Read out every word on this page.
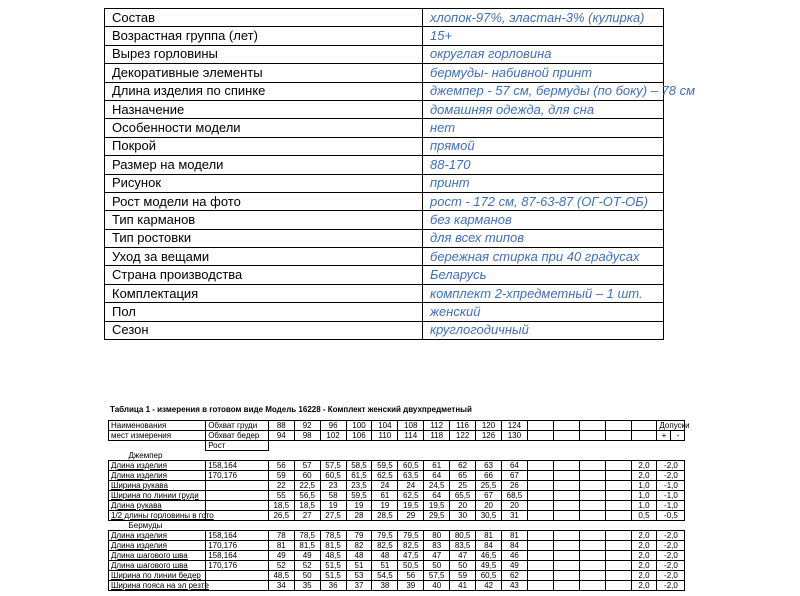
Состав	хлопок-97%, эластан-3% (кулирка)
Возрастная группа (лет)	15+
Вырез горловины	округлая горловина
Декоративные элементы	бермуды- набивной принт
Длина изделия по спинке	джемпер - 57 см, бермуды (по боку) – 78 см
Назначение	домашняя одежда, для сна
Особенности модели	нет
Покрой	прямой
Размер на модели	88-170
Рисунок	принт
Рост модели на фото	рост - 172 см, 87-63-87 (ОГ-ОТ-ОБ)
Тип карманов	без карманов
Тип ростовки	для всех типов
Уход за вещами	бережная стирка при 40 градусах
Страна производства	Беларусь
Комплектация	комплект 2-хпредметный – 1 шт.
Пол	женский
Сезон	круглогодичный
Таблица 1 - измерения в готовом виде Модель 16228 - Комплект женский двухпредметный
Наименования	Обхват груди	88	92	96	100	104	108	112	116	120	124						Допуски	
мест измерения	Обхват бедер	94	98	102	106	110	114	118	122	126	130						+	-
	Рост																	
Джемпер																		
Длина изделия	158,164	56	57	57,5	58,5	59,5	60,5	61	62	63	64					2,0	-2,0	
Длина изделия	170,176	59	60	60,5	61,5	62,5	63,5	64	65	66	67					2,0	-2,0	
Ширина рукава		22	22,5	23	23,5	24	24	24,5	25	25,5	26					1,0	-1,0	
Ширина по линии груди		55	56,5	58	59,5	61	62,5	64	65,5	67	68,5					1,0	-1,0	
Длина рукава		18,5	18,5	19	19	19	19,5	19,5	20	20	20					1,0	-1,0	
1/2 длины горловины в гото		26,5	27	27,5	28	28,5	29	29,5	30	30,5	31					0,5	-0,5	
Бермуды																		
Длина изделия	158,164	78	78,5	78,5	79	79,5	79,5	80	80,5	81	81					2,0	-2,0	
Длина изделия	170,176	81	81,5	81,5	82	82,5	82,5	83	83,5	84	84					2,0	-2,0	
Длина шагового шва	158,164	49	49	48,5	48	48	47,5	47	47	46,5	46					2,0	-2,0	
Длина шагового шва	170,176	52	52	51,5	51	51	50,5	50	50	49,5	49					2,0	-2,0	
Ширина по линии бедер		48,5	50	51,5	53	54,5	56	57,5	59	60,5	62					2,0	-2,0	
Ширина пояса на эл резте		34	35	36	37	38	39	40	41	42	43					2,0	-2,0	
